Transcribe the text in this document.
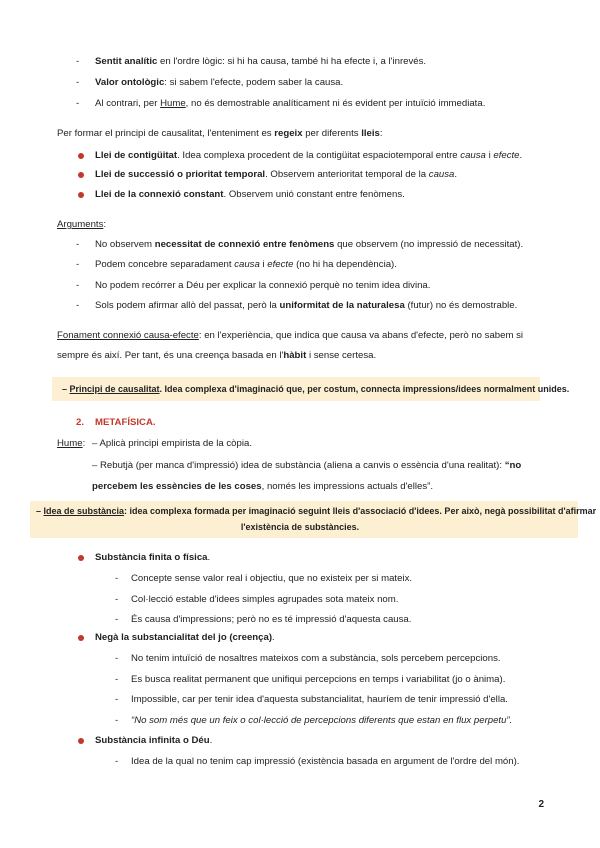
- Sentit analític en l'ordre lògic: si hi ha causa, també hi ha efecte i, a l'inrevés.
- Valor ontològic: si sabem l'efecte, podem saber la causa.
- Al contrari, per Hume, no és demostrable analíticament ni és evident per intuïció immediata.
Per formar el principi de causalitat, l'enteniment es regeix per diferents lleis:
Llei de contigüitat. Idea complexa procedent de la contigüitat espaciotemporal entre causa i efecte.
Llei de successió o prioritat temporal. Observem anterioritat temporal de la causa.
Llei de la connexió constant. Observem unió constant entre fenòmens.
Arguments:
- No observem necessitat de connexió entre fenòmens que observem (no impressió de necessitat).
- Podem concebre separadament causa i efecte (no hi ha dependència).
- No podem recórrer a Déu per explicar la connexió perquè no tenim idea divina.
- Sols podem afirmar allò del passat, però la uniformitat de la naturalesa (futur) no és demostrable.
Fonament connexió causa-efecte: en l'experiència, que indica que causa va abans d'efecte, però no sabem si
sempre és així. Per tant, és una creença basada en l'hàbit i sense certesa.
– Principi de causalitat. Idea complexa d'imaginació que, per costum, connecta impressions/idees normalment unides.
2. METAFÍSICA.
Hume: – Aplicà principi empirista de la còpia.
– Rebutjà (per manca d'impressió) idea de substància (aliena a canvis o essència d'una realitat): “no
percebem les essències de les coses, només les impressions actuals d'elles”.
– Idea de substància: idea complexa formada per imaginació seguint lleis d'associació d'idees. Per això, negà possibilitat d'afirmar
l'existència de substàncies.
Substància finita o física.
- Concepte sense valor real i objectiu, que no existeix per si mateix.
- Col·lecció estable d'idees simples agrupades sota mateix nom.
- És causa d'impressions; però no es té impressió d'aquesta causa.
Negà la substancialitat del jo (creença).
- No tenim intuïció de nosaltres mateixos com a substància, sols percebem percepcions.
- Es busca realitat permanent que unifiqui percepcions en temps i variabilitat (jo o ànima).
- Impossible, car per tenir idea d'aquesta substancialitat, hauríem de tenir impressió d'ella.
- “No som més que un feix o col·lecció de percepcions diferents que estan en flux perpetu”.
Substància infinita o Déu.
- Idea de la qual no tenim cap impressió (existència basada en argument de l'ordre del món).
2
